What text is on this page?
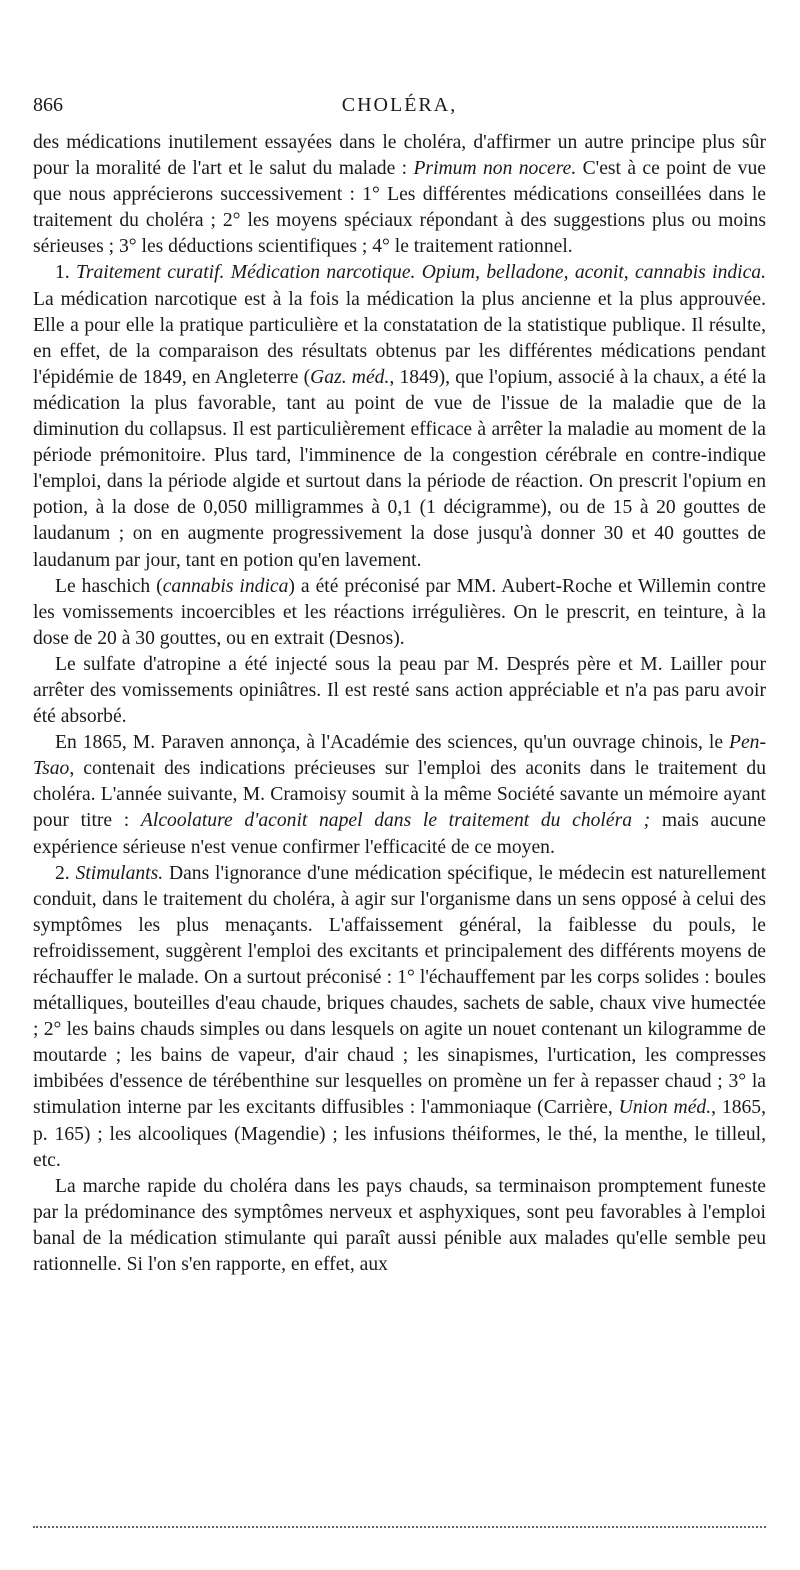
866	CHOLÉRA,

des médications inutilement essayées dans le choléra, d'affirmer un autre principe plus sûr pour la moralité de l'art et le salut du malade : Primum non nocere. C'est à ce point de vue que nous apprécierons successivement : 1° Les différentes médications conseillées dans le traitement du choléra ; 2° les moyens spéciaux répondant à des suggestions plus ou moins sérieuses ; 3° les déductions scientifiques ; 4° le traitement rationnel.

1. Traitement curatif. Médication narcotique. Opium, belladone, aconit, cannabis indica. La médication narcotique est à la fois la médication la plus ancienne et la plus approuvée. Elle a pour elle la pratique particulière et la constatation de la statistique publique. Il résulte, en effet, de la comparaison des résultats obtenus par les différentes médications pendant l'épidémie de 1849, en Angleterre (Gaz. méd., 1849), que l'opium, associé à la chaux, a été la médication la plus favorable, tant au point de vue de l'issue de la maladie que de la diminution du collapsus. Il est particulièrement efficace à arrêter la maladie au moment de la période prémonitoire. Plus tard, l'imminence de la congestion cérébrale en contre-indique l'emploi, dans la période algide et surtout dans la période de réaction. On prescrit l'opium en potion, à la dose de 0,050 milligrammes à 0,1 (1 décigramme), ou de 15 à 20 gouttes de laudanum ; on en augmente progressivement la dose jusqu'à donner 30 et 40 gouttes de laudanum par jour, tant en potion qu'en lavement.

Le haschich (cannabis indica) a été préconisé par MM. Aubert-Roche et Willemin contre les vomissements incoercibles et les réactions irrégulières. On le prescrit, en teinture, à la dose de 20 à 30 gouttes, ou en extrait (Desnos).

Le sulfate d'atropine a été injecté sous la peau par M. Després père et M. Lailler pour arrêter des vomissements opiniâtres. Il est resté sans action appréciable et n'a pas paru avoir été absorbé.

En 1865, M. Paraven annonça, à l'Académie des sciences, qu'un ouvrage chinois, le Pen-Tsao, contenait des indications précieuses sur l'emploi des aconits dans le traitement du choléra. L'année suivante, M. Cramoisy soumit à la même Société savante un mémoire ayant pour titre : Alcoolature d'aconit napel dans le traitement du choléra ; mais aucune expérience sérieuse n'est venue confirmer l'efficacité de ce moyen.

2. Stimulants. Dans l'ignorance d'une médication spécifique, le médecin est naturellement conduit, dans le traitement du choléra, à agir sur l'organisme dans un sens opposé à celui des symptômes les plus menaçants. L'affaissement général, la faiblesse du pouls, le refroidissement, suggèrent l'emploi des excitants et principalement des différents moyens de réchauffer le malade. On a surtout préconisé : 1° l'échauffement par les corps solides : boules métalliques, bouteilles d'eau chaude, briques chaudes, sachets de sable, chaux vive humectée ; 2° les bains chauds simples ou dans lesquels on agite un nouet contenant un kilogramme de moutarde ; les bains de vapeur, d'air chaud ; les sinapismes, l'urtication, les compresses imbibées d'essence de térébenthine sur lesquelles on promène un fer à repasser chaud ; 3° la stimulation interne par les excitants diffusibles : l'ammoniaque (Carrière, Union méd., 1865, p. 165) ; les alcooliques (Magendie) ; les infusions théiformes, le thé, la menthe, le tilleul, etc.

La marche rapide du choléra dans les pays chauds, sa terminaison promptement funeste par la prédominance des symptômes nerveux et asphyxiques, sont peu favorables à l'emploi banal de la médication stimulante qui paraît aussi pénible aux malades qu'elle semble peu rationnelle. Si l'on s'en rapporte, en effet, aux
